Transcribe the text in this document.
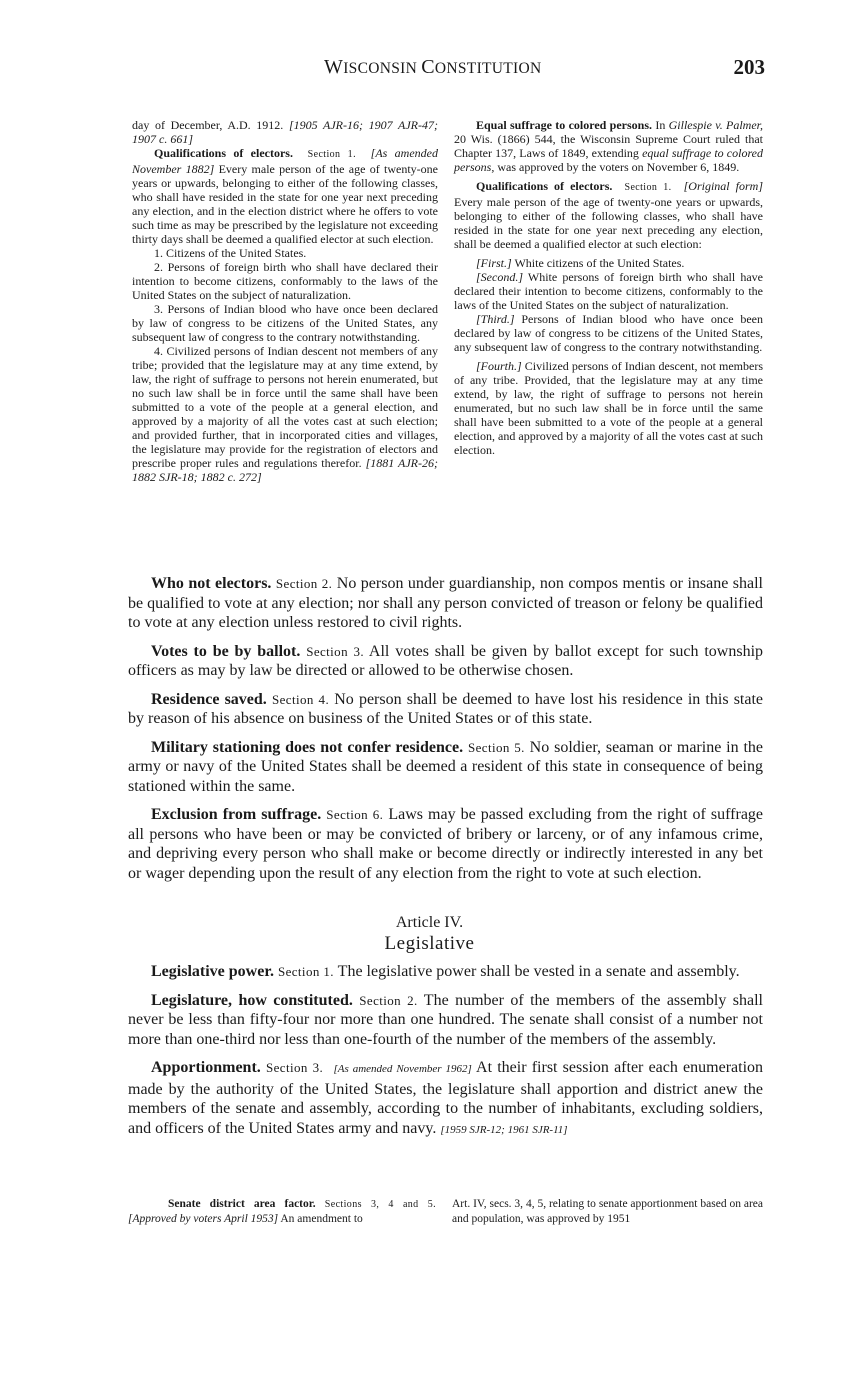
WISCONSIN CONSTITUTION	203

day of December, A.D. 1912. [1905 AJR-16; 1907 AJR-47; 1907 c. 661]

Qualifications of electors. Section 1. [As amended November 1882] Every male person of the age of twenty-one years or upwards, belonging to either of the following classes, who shall have resided in the state for one year next preceding any election, and in the election district where he offers to vote such time as may be prescribed by the legislature not exceeding thirty days shall be deemed a qualified elector at such election.

1. Citizens of the United States.

2. Persons of foreign birth who shall have declared their intention to become citizens, conformably to the laws of the United States on the subject of naturalization.

3. Persons of Indian blood who have once been declared by law of congress to be citizens of the United States, any subsequent law of congress to the contrary notwithstanding.

4. Civilized persons of Indian descent not members of any tribe; provided that the legislature may at any time extend, by law, the right of suffrage to persons not herein enumerated, but no such law shall be in force until the same shall have been submitted to a vote of the people at a general election, and approved by a majority of all the votes cast at such election; and provided further, that in incorporated cities and villages, the legislature may provide for the registration of electors and prescribe proper rules and regulations therefor. [1881 AJR-26; 1882 SJR-18; 1882 c. 272]

Equal suffrage to colored persons. In Gillespie v. Palmer, 20 Wis. (1866) 544, the Wisconsin Supreme Court ruled that Chapter 137, Laws of 1849, extending equal suffrage to colored persons, was approved by the voters on November 6, 1849.

Qualifications of electors. Section 1. [Original form] Every male person of the age of twenty-one years or upwards, belonging to either of the following classes, who shall have resided in the state for one year next preceding any election, shall be deemed a qualified elector at such election:

[First.] White citizens of the United States.

[Second.] White persons of foreign birth who shall have declared their intention to become citizens, conformably to the laws of the United States on the subject of naturalization.

[Third.] Persons of Indian blood who have once been declared by law of congress to be citizens of the United States, any subsequent law of congress to the contrary notwithstanding.

[Fourth.] Civilized persons of Indian descent, not members of any tribe. Provided, that the legislature may at any time extend, by law, the right of suffrage to persons not herein enumerated, but no such law shall be in force until the same shall have been submitted to a vote of the people at a general election, and approved by a majority of all the votes cast at such election.

Who not electors. Section 2. No person under guardianship, non compos mentis or insane shall be qualified to vote at any election; nor shall any person convicted of treason or felony be qualified to vote at any election unless restored to civil rights.

Votes to be by ballot. Section 3. All votes shall be given by ballot except for such township officers as may by law be directed or allowed to be otherwise chosen.

Residence saved. Section 4. No person shall be deemed to have lost his residence in this state by reason of his absence on business of the United States or of this state.

Military stationing does not confer residence. Section 5. No soldier, seaman or marine in the army or navy of the United States shall be deemed a resident of this state in consequence of being stationed within the same.

Exclusion from suffrage. Section 6. Laws may be passed excluding from the right of suffrage all persons who have been or may be convicted of bribery or larceny, or of any infamous crime, and depriving every person who shall make or become directly or indirectly interested in any bet or wager depending upon the result of any election from the right to vote at such election.

Article IV.
Legislative

Legislative power. Section 1. The legislative power shall be vested in a senate and assembly.

Legislature, how constituted. Section 2. The number of the members of the assembly shall never be less than fifty-four nor more than one hundred. The senate shall consist of a number not more than one-third nor less than one-fourth of the number of the members of the assembly.

Apportionment. Section 3. [As amended November 1962] At their first session after each enumeration made by the authority of the United States, the legislature shall apportion and district anew the members of the senate and assembly, according to the number of inhabitants, excluding soldiers, and officers of the United States army and navy. [1959 SJR-12; 1961 SJR-11]

Senate district area factor. Sections 3, 4 and 5. [Approved by voters April 1953] An amendment to
Art. IV, secs. 3, 4, 5, relating to senate apportionment based on area and population, was approved by 1951
